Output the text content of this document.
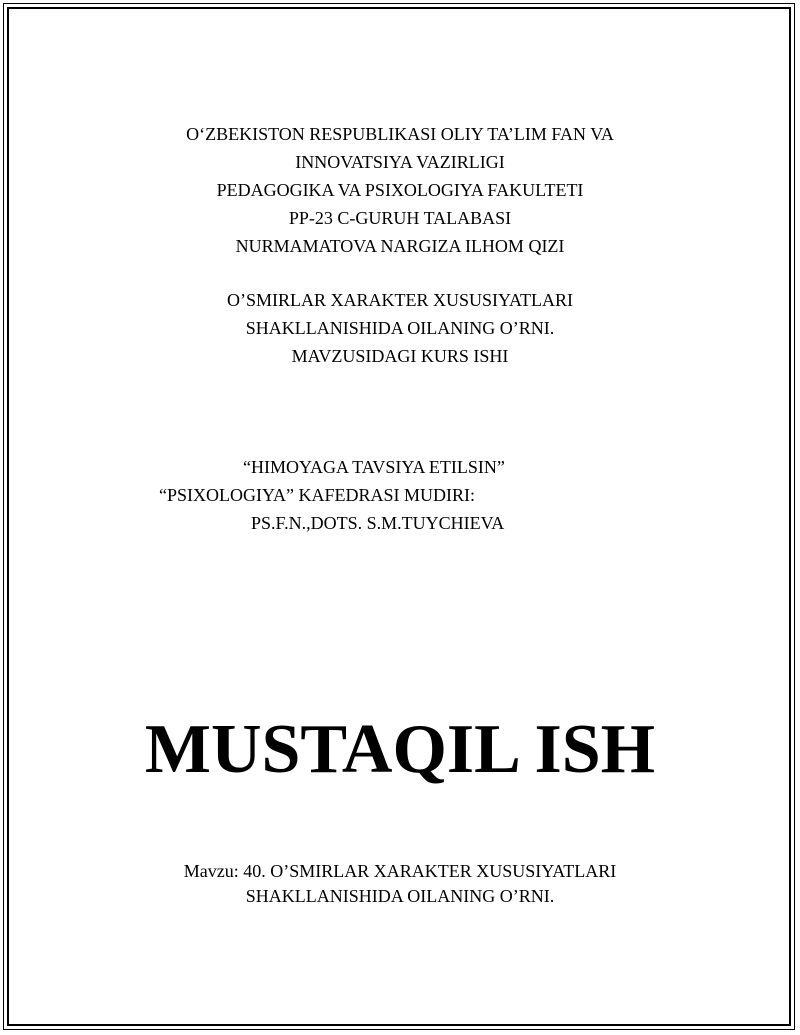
O‘ZBEKISTON RESPUBLIKASI OLIY TA’LIM FAN VA
INNOVATSIYA VAZIRLIGI
PEDAGOGIKA VA PSIXOLOGIYA FAKULTETI
PP-23 C-GURUH TALABASI
NURMAMATOVA NARGIZA ILHOM QIZI
O’SMIRLAR XARAKTER XUSUSIYATLARI
SHAKLLANISHIDA OILANING O’RNI.
MAVZUSIDAGI KURS ISHI
“HIMOYAGA TAVSIYA ETILSIN”
“PSIXOLOGIYA” KAFEDRASI MUDIRI:
PS.F.N.,DOTS. S.M.TUYCHIEVA
MUSTAQIL ISH
Mavzu: 40. O’SMIRLAR XARAKTER XUSUSIYATLARI
SHAKLLANISHIDA OILANING O’RNI.
